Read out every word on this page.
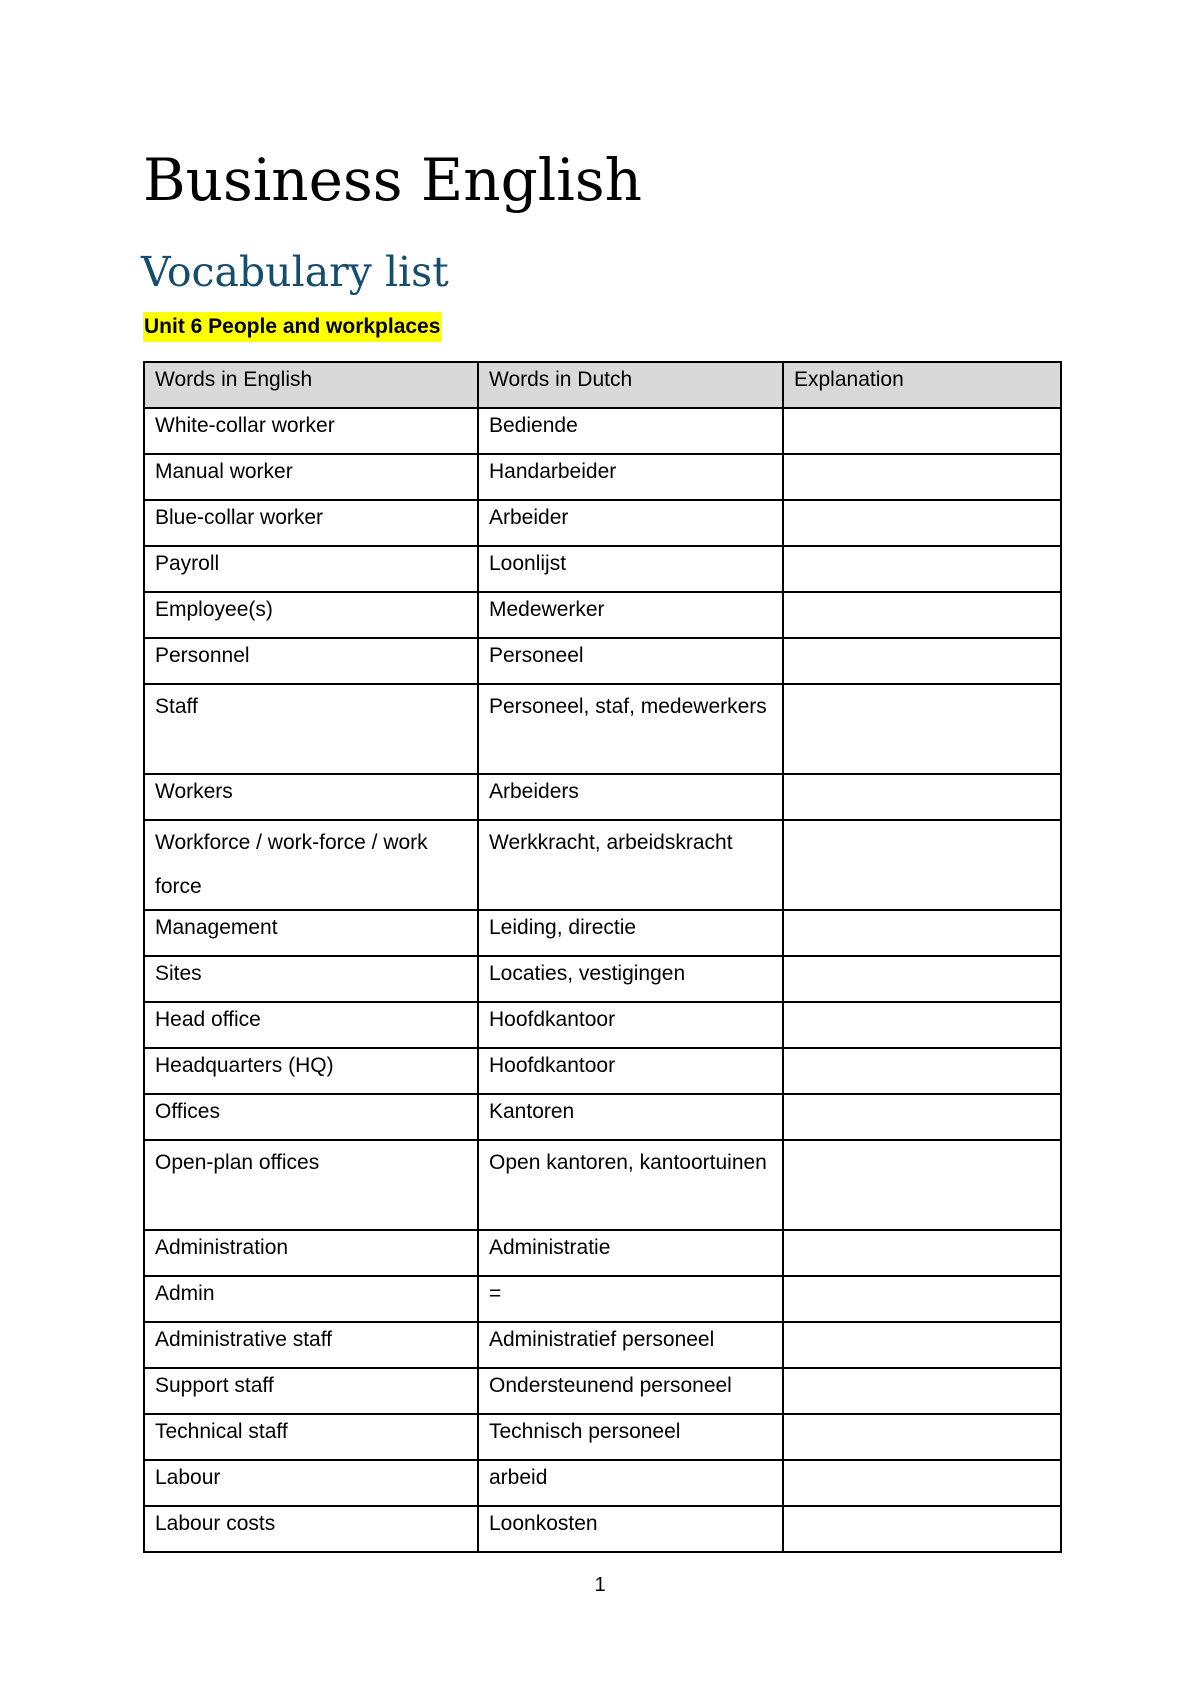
Business English
Vocabulary list
Unit 6 People and workplaces
Words in English	Words in Dutch	Explanation
White-collar worker	Bediende	
Manual worker	Handarbeider	
Blue-collar worker	Arbeider	
Payroll	Loonlijst	
Employee(s)	Medewerker	
Personnel	Personeel	
Staff	Personeel, staf, medewerkers	
Workers	Arbeiders	
Workforce / work-force / work force	Werkkracht, arbeidskracht	
Management	Leiding, directie	
Sites	Locaties, vestigingen	
Head office	Hoofdkantoor	
Headquarters (HQ)	Hoofdkantoor	
Offices	Kantoren	
Open-plan offices	Open kantoren, kantoortuinen	
Administration	Administratie	
Admin	=	
Administrative staff	Administratief personeel	
Support staff	Ondersteunend personeel	
Technical staff	Technisch personeel	
Labour	arbeid	
Labour costs	Loonkosten	
1
